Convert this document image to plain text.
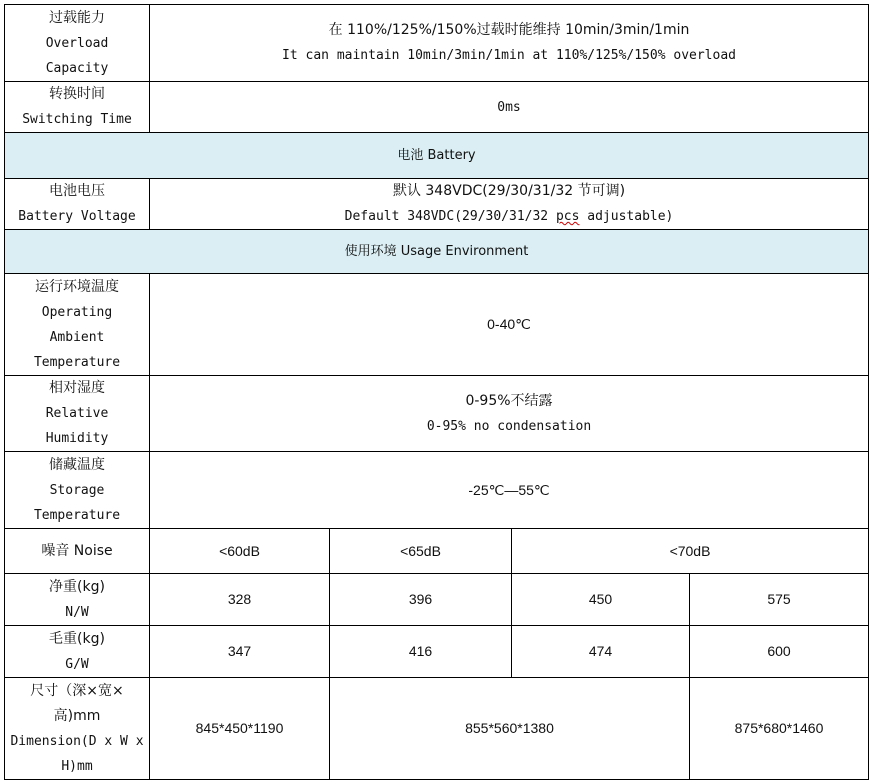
过载能力
Overload
Capacity	在 110%/125%/150%过载时能维持 10min/3min/1min
It can maintain 10min/3min/1min at 110%/125%/150% overload			

转换时间
Switching Time	0ms			
电池 Battery				

电池电压
Battery Voltage	默认 348VDC(29/30/31/32 节可调)
Default 348VDC(29/30/31/32 pcs adjustable)			

使用环境 Usage Environment				

运行环境温度
Operating
Ambient
Temperature	0-40℃			

相对湿度
Relative
Humidity	0-95%不结露
0-95% no condensation			

储藏温度
Storage
Temperature	-25℃—55℃			
噪音 Noise	<60dB	<65dB	<70dB	

净重(kg)
N/W	328	396	450	575

毛重(kg)
G/W	347	416	474	600

尺寸（深×宽×
高)mm
Dimension(D x W x
H)mm	845*450*1190	855*560*1380		875*680*1460
